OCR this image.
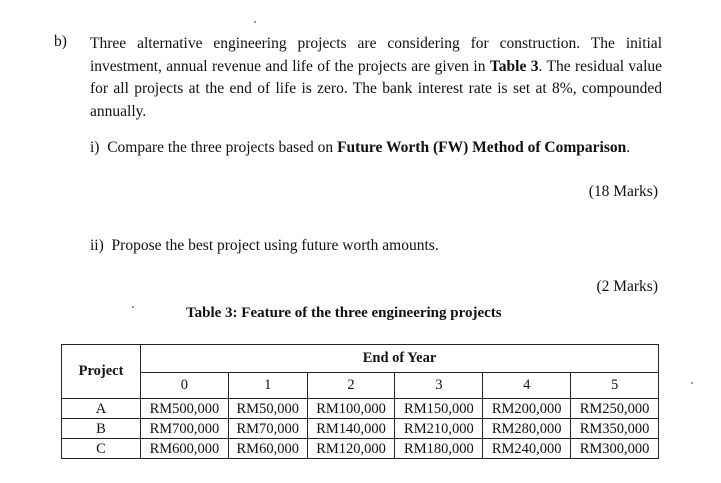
b) Three alternative engineering projects are considering for construction. The initial investment, annual revenue and life of the projects are given in Table 3. The residual value for all projects at the end of life is zero. The bank interest rate is set at 8%, compounded annually.
i) Compare the three projects based on Future Worth (FW) Method of Comparison.
(18 Marks)
ii) Propose the best project using future worth amounts.
(2 Marks)
Table 3: Feature of the three engineering projects
Project	End of Year					
	0	1	2	3	4	5
A	RM500,000	RM50,000	RM100,000	RM150,000	RM200,000	RM250,000
B	RM700,000	RM70,000	RM140,000	RM210,000	RM280,000	RM350,000
C	RM600,000	RM60,000	RM120,000	RM180,000	RM240,000	RM300,000
